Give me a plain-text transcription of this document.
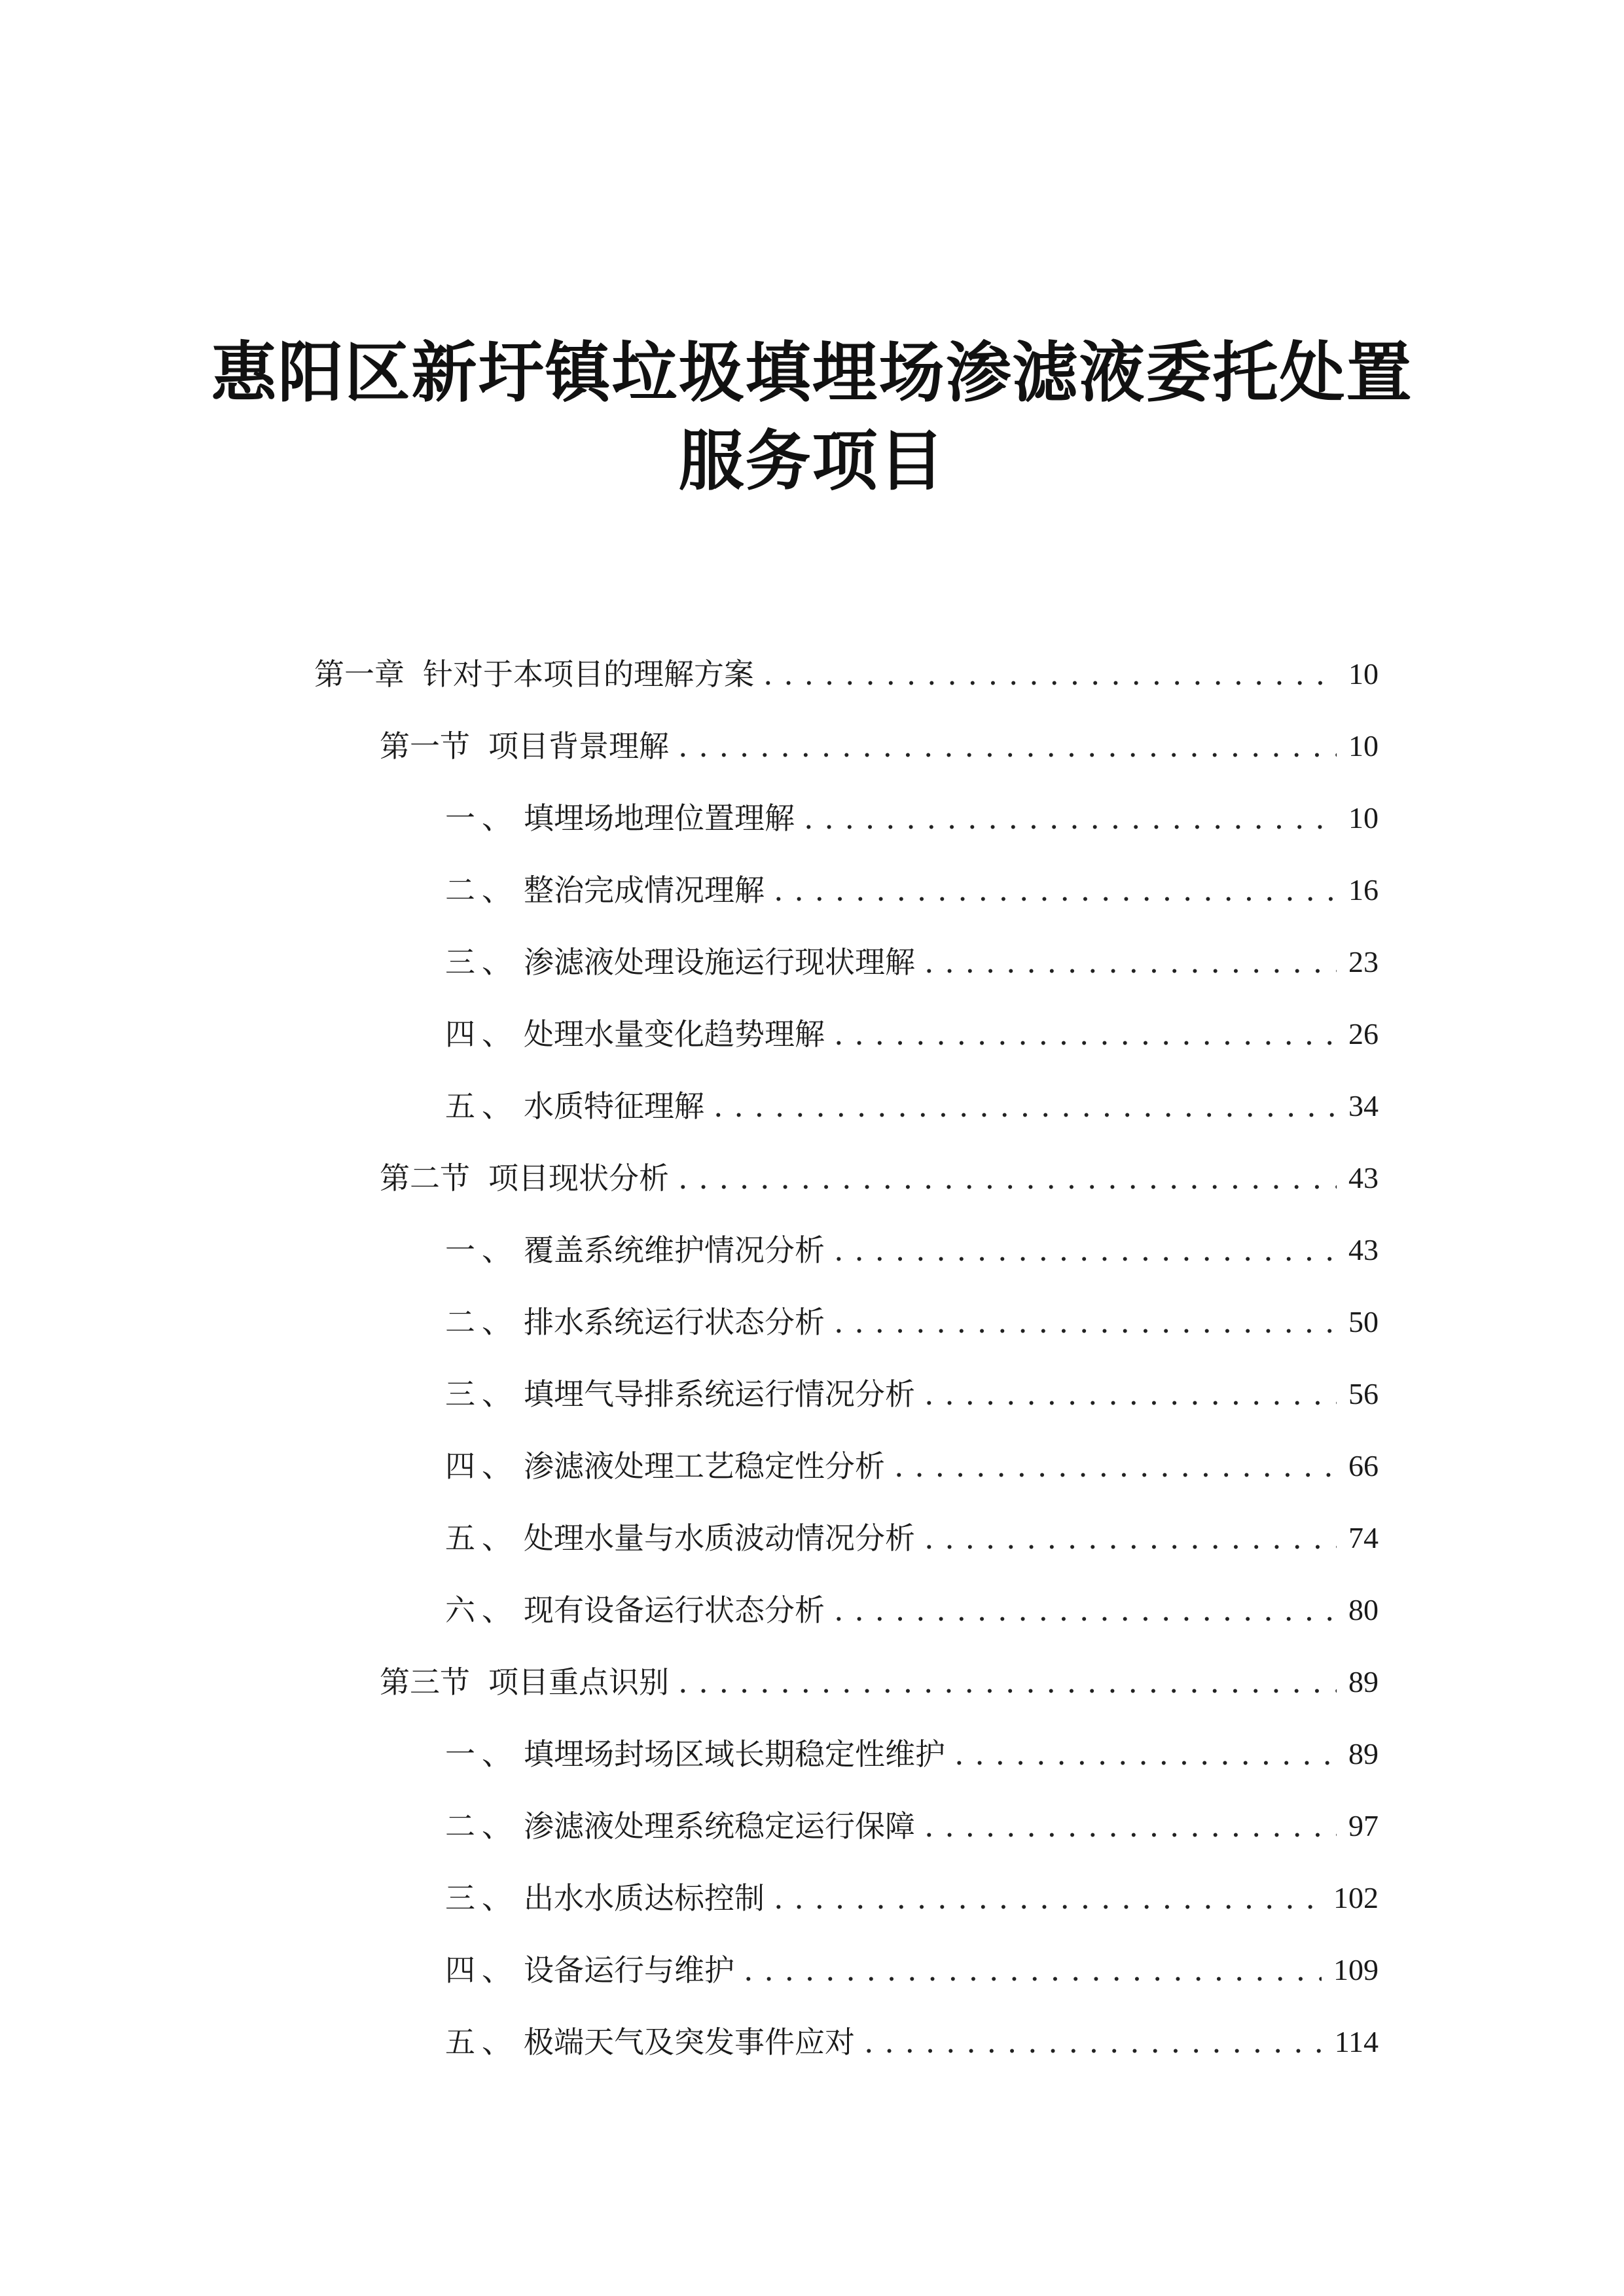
惠阳区新圩镇垃圾填埋场渗滤液委托处置
服务项目
第一章 针对于本项目的理解方案 . . .	10
第一节 项目背景理解 . . .	10
一、 填埋场地理位置理解 . . .	10
二、 整治完成情况理解 . . .	16
三、 渗滤液处理设施运行现状理解 . . .	23
四、 处理水量变化趋势理解 . . .	26
五、 水质特征理解 . . .	34
第二节 项目现状分析 . . .	43
一、 覆盖系统维护情况分析 . . .	43
二、 排水系统运行状态分析 . . .	50
三、 填埋气导排系统运行情况分析 . . .	56
四、 渗滤液处理工艺稳定性分析 . . .	66
五、 处理水量与水质波动情况分析 . . .	74
六、 现有设备运行状态分析 . . .	80
第三节 项目重点识别 . . .	89
一、 填埋场封场区域长期稳定性维护 . . .	89
二、 渗滤液处理系统稳定运行保障 . . .	97
三、 出水水质达标控制 . . .	102
四、 设备运行与维护 . . .	109
五、 极端天气及突发事件应对 . . .	114
